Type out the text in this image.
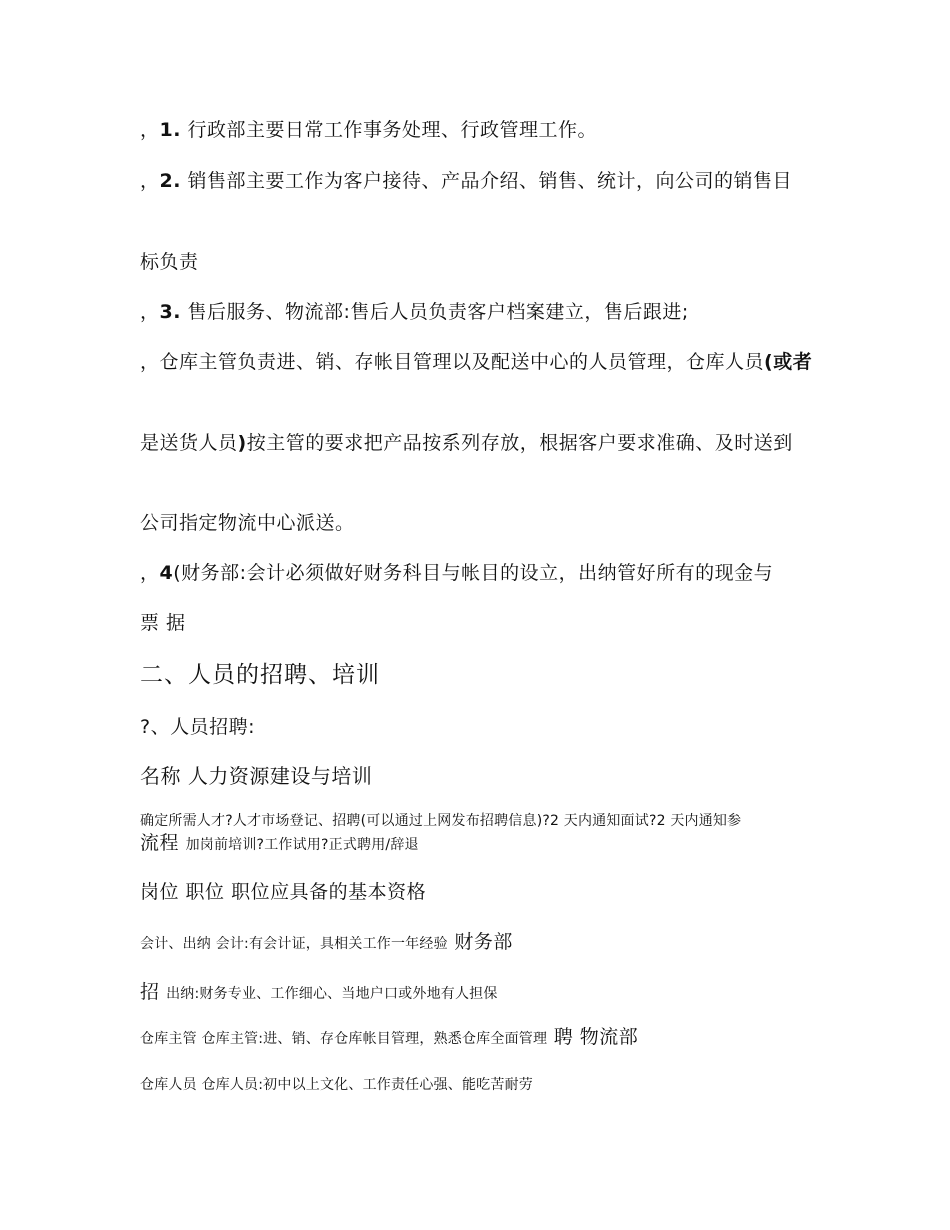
，1. 行政部主要日常工作事务处理、行政管理工作。
，2. 销售部主要工作为客户接待、产品介绍、销售、统计，向公司的销售目
标负责
，3. 售后服务、物流部:售后人员负责客户档案建立，售后跟进;
，仓库主管负责进、销、存帐目管理以及配送中心的人员管理，仓库人员(或者
是送货人员)按主管的要求把产品按系列存放，根据客户要求准确、及时送到
公司指定物流中心派送。
，4(财务部:会计必须做好财务科目与帐目的设立，出纳管好所有的现金与
票 据
二、人员的招聘、培训
?、人员招聘:
名称 人力资源建设与培训
确定所需人才?人才市场登记、招聘(可以通过上网发布招聘信息)?2 天内通知面试?2 天内通知参
流程 加岗前培训?工作试用?正式聘用/辞退
岗位 职位 职位应具备的基本资格
会计、出纳 会计:有会计证，具相关工作一年经验 财务部
招 出纳:财务专业、工作细心、当地户口或外地有人担保
仓库主管 仓库主管:进、销、存仓库帐目管理，熟悉仓库全面管理 聘 物流部
仓库人员 仓库人员:初中以上文化、工作责任心强、能吃苦耐劳
